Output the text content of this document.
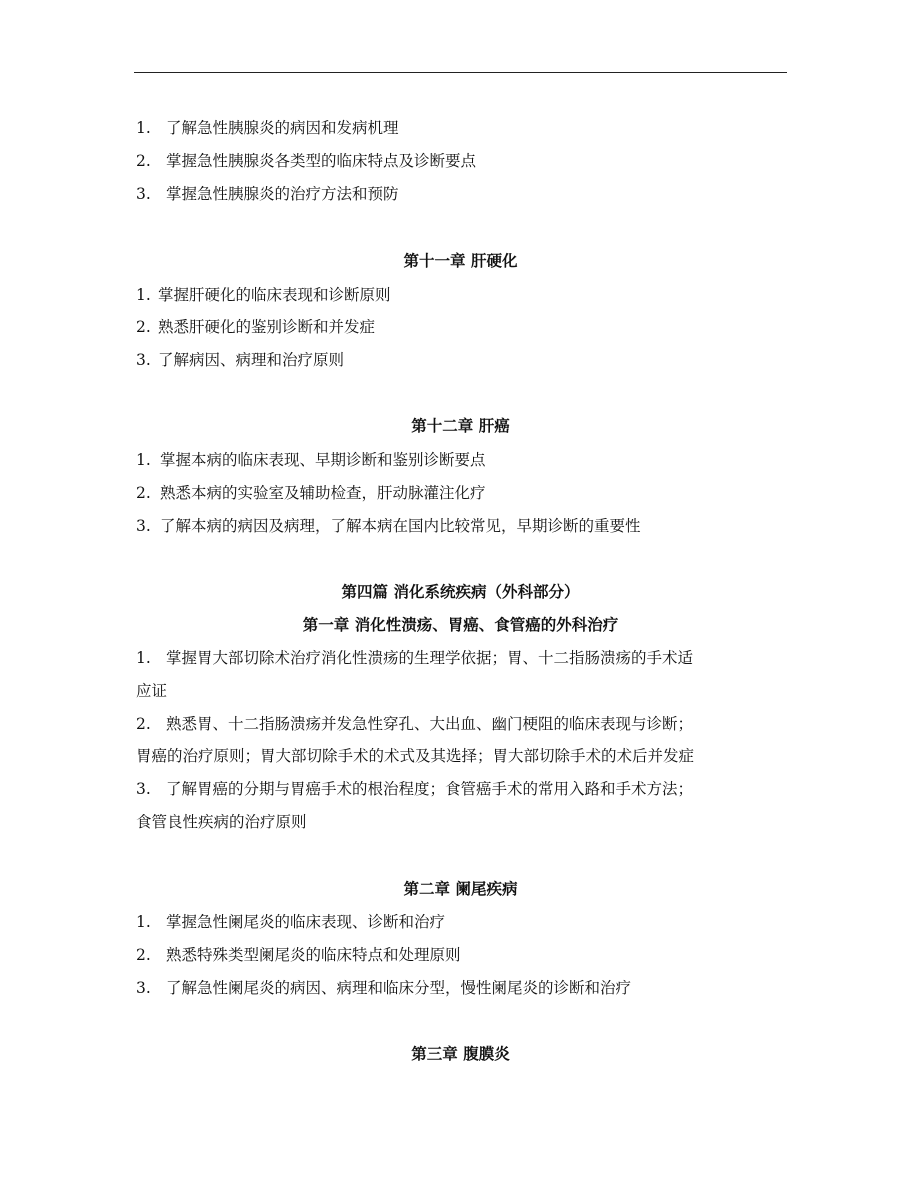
1. 了解急性胰腺炎的病因和发病机理
2. 掌握急性胰腺炎各类型的临床特点及诊断要点
3. 掌握急性胰腺炎的治疗方法和预防
第十一章 肝硬化
1. 掌握肝硬化的临床表现和诊断原则
2. 熟悉肝硬化的鉴别诊断和并发症
3. 了解病因、病理和治疗原则
第十二章 肝癌
1. 掌握本病的临床表现、早期诊断和鉴别诊断要点
2. 熟悉本病的实验室及辅助检查，肝动脉灌注化疗
3. 了解本病的病因及病理，了解本病在国内比较常见，早期诊断的重要性
第四篇 消化系统疾病（外科部分）
第一章 消化性溃疡、胃癌、食管癌的外科治疗
1. 掌握胃大部切除术治疗消化性溃疡的生理学依据；胃、十二指肠溃疡的手术适
应证
2. 熟悉胃、十二指肠溃疡并发急性穿孔、大出血、幽门梗阻的临床表现与诊断；
胃癌的治疗原则；胃大部切除手术的术式及其选择；胃大部切除手术的术后并发症
3. 了解胃癌的分期与胃癌手术的根治程度；食管癌手术的常用入路和手术方法；
食管良性疾病的治疗原则
第二章 阑尾疾病
1. 掌握急性阑尾炎的临床表现、诊断和治疗
2. 熟悉特殊类型阑尾炎的临床特点和处理原则
3. 了解急性阑尾炎的病因、病理和临床分型，慢性阑尾炎的诊断和治疗
第三章 腹膜炎
